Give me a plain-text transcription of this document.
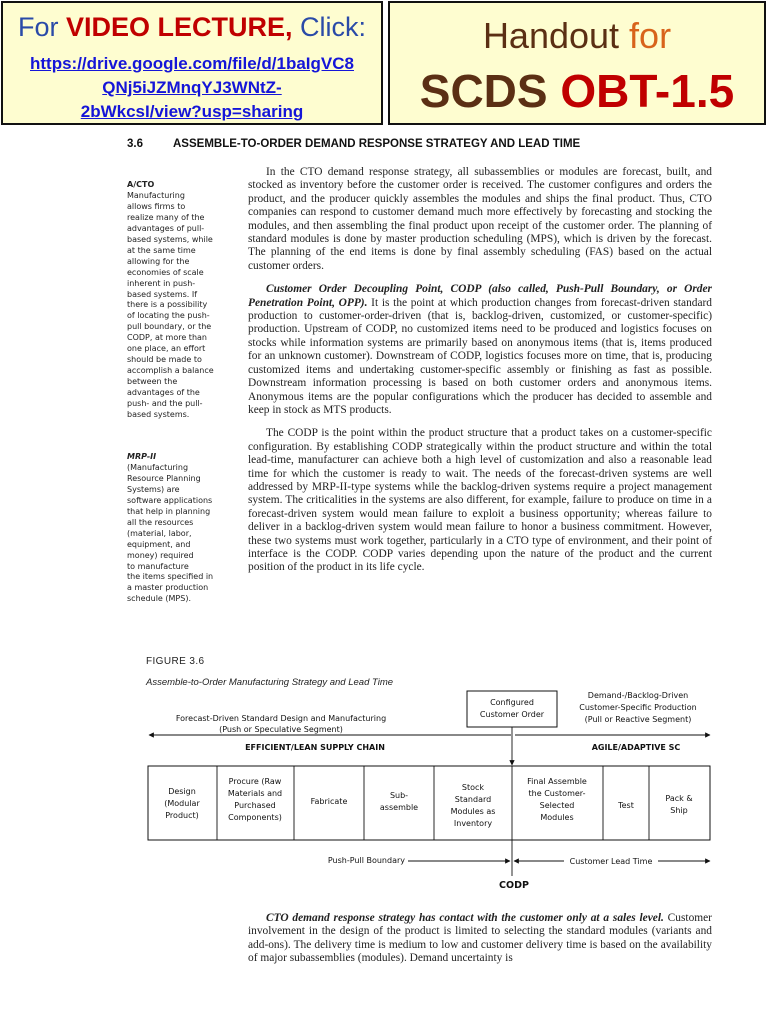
For VIDEO LECTURE, Click:
https://drive.google.com/file/d/1baIgVC8
QNj5iJZMnqYJ3WNtZ-
2bWkcsI/view?usp=sharing
Handout for
SCDS OBT-1.5
3.6	ASSEMBLE-TO-ORDER DEMAND RESPONSE STRATEGY AND LEAD TIME
A/CTO
Manufacturing
allows firms to
realize many of the
advantages of pull-
based systems, while
at the same time
allowing for the
economies of scale
inherent in push-
based systems. If
there is a possibility
of locating the push-
pull boundary, or the
CODP, at more than
one place, an effort
should be made to
accomplish a balance
between the
advantages of the
push- and the pull-
based systems.
MRP-II
(Manufacturing
Resource Planning
Systems) are
software applications
that help in planning
all the resources
(material, labor,
equipment, and
money) required
to manufacture
the items specified in
a master production
schedule (MPS).

In the CTO demand response strategy, all subassemblies or modules are forecast, built, and stocked as inventory before the customer order is received. The customer configures and orders the product, and the producer quickly assembles the modules and ships the final product. Thus, CTO companies can respond to customer demand much more effectively by forecasting and stocking the modules, and then assembling the final product upon receipt of the customer order. The planning of standard modules is done by master production scheduling (MPS), which is driven by the forecast. The planning of the end items is done by final assembly scheduling (FAS) based on the actual customer orders.

Customer Order Decoupling Point, CODP (also called, Push-Pull Boundary, or Order Penetration Point, OPP). It is the point at which production changes from forecast-driven standard production to customer-order-driven (that is, backlog-driven, customized, or customer-specific) production. Upstream of CODP, no customized items need to be produced and logistics focuses on stocks while information systems are primarily based on anonymous items (that is, items produced for an unknown customer). Downstream of CODP, logistics focuses more on time, that is, producing customized items and undertaking customer-specific assembly or finishing as fast as possible. Downstream information processing is based on both customer orders and anonymous items. Anonymous items are the popular configurations which the producer has decided to assemble and keep in stock as MTS products.

The CODP is the point within the product structure that a product takes on a customer-specific configuration. By establishing CODP strategically within the product structure and within the total lead-time, manufacturer can achieve both a high level of customization and also a reasonable lead time for which the customer is ready to wait. The needs of the forecast-driven systems are well addressed by MRP-II-type systems while the backlog-driven systems require a project management system. The criticalities in the systems are also different, for example, failure to produce on time in a forecast-driven system would mean failure to exploit a business opportunity; whereas failure to deliver in a backlog-driven system would mean failure to honor a business commitment. However, these two systems must work together, particularly in a CTO type of environment, and their point of interface is the CODP. CODP varies depending upon the nature of the product and the current position of the product in its life cycle.

FIGURE 3.6
Assemble-to-Order Manufacturing Strategy and Lead Time
Configured
Customer Order
Forecast-Driven Standard Design and Manufacturing
(Push or Speculative Segment)
Demand-/Backlog-Driven
Customer-Specific Production
(Pull or Reactive Segment)
EFFICIENT/LEAN SUPPLY CHAIN	AGILE/ADAPTIVE SC
Design
(Modular
Product)
Procure (Raw
Materials and
Purchased
Components)
Fabricate
Sub-
assemble
Stock
Standard
Modules as
Inventory
Final Assemble
the Customer-
Selected
Modules
Test
Pack &
Ship
Push-Pull Boundary	Customer Lead Time
CODP

CTO demand response strategy has contact with the customer only at a sales level. Customer involvement in the design of the product is limited to selecting the standard modules (variants and add-ons). The delivery time is medium to low and customer delivery time is based on the availability of major subassemblies (modules). Demand uncertainty is
